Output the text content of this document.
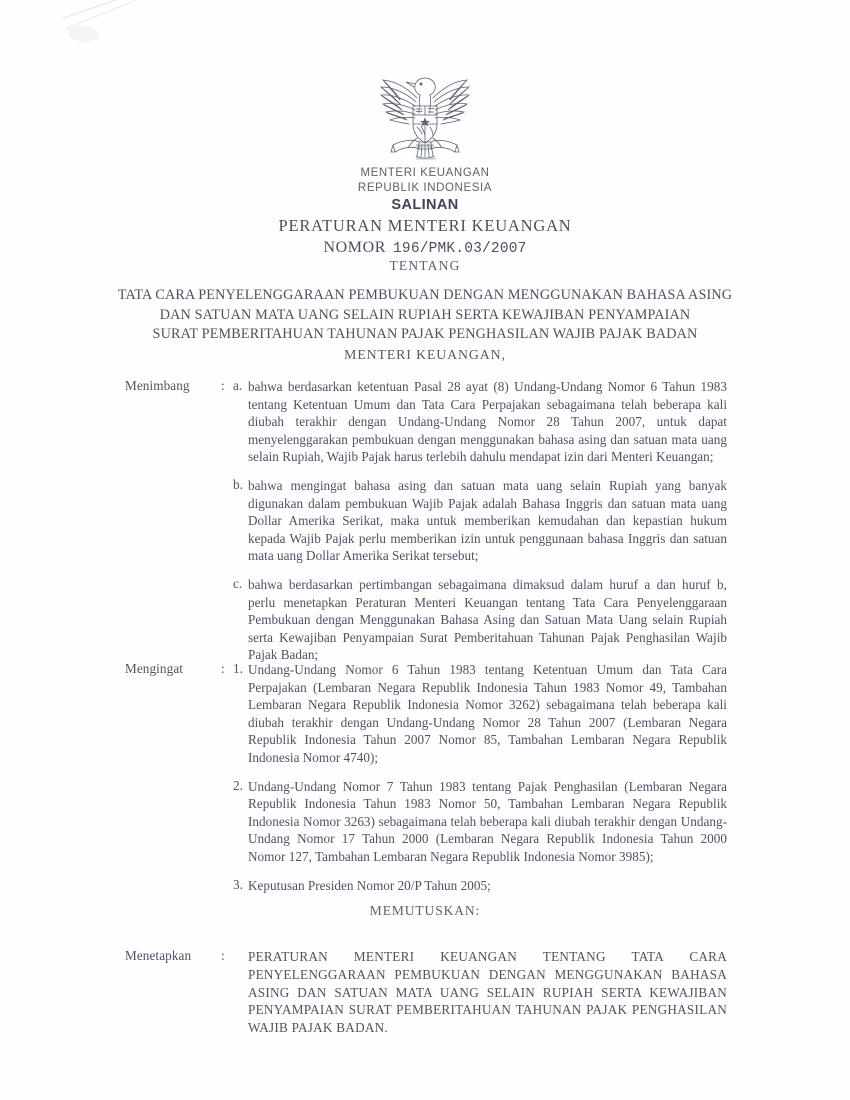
MENTERI KEUANGAN
REPUBLIK INDONESIA
SALINAN
PERATURAN MENTERI KEUANGAN
NOMOR 196/PMK.03/2007
TENTANG
TATA CARA PENYELENGGARAAN PEMBUKUAN DENGAN MENGGUNAKAN BAHASA ASING
DAN SATUAN MATA UANG SELAIN RUPIAH SERTA KEWAJIBAN PENYAMPAIAN
SURAT PEMBERITAHUAN TAHUNAN PAJAK PENGHASILAN WAJIB PAJAK BADAN
MENTERI KEUANGAN,
Menimbang	: a. bahwa berdasarkan ketentuan Pasal 28 ayat (8) Undang-Undang Nomor 6 Tahun 1983 tentang Ketentuan Umum dan Tata Cara Perpajakan sebagaimana telah beberapa kali diubah terakhir dengan Undang-Undang Nomor 28 Tahun 2007, untuk dapat menyelenggarakan pembukuan dengan menggunakan bahasa asing dan satuan mata uang selain Rupiah, Wajib Pajak harus terlebih dahulu mendapat izin dari Menteri Keuangan;
b. bahwa mengingat bahasa asing dan satuan mata uang selain Rupiah yang banyak digunakan dalam pembukuan Wajib Pajak adalah Bahasa Inggris dan satuan mata uang Dollar Amerika Serikat, maka untuk memberikan kemudahan dan kepastian hukum kepada Wajib Pajak perlu memberikan izin untuk penggunaan bahasa Inggris dan satuan mata uang Dollar Amerika Serikat tersebut;
c. bahwa berdasarkan pertimbangan sebagaimana dimaksud dalam huruf a dan huruf b, perlu menetapkan Peraturan Menteri Keuangan tentang Tata Cara Penyelenggaraan Pembukuan dengan Menggunakan Bahasa Asing dan Satuan Mata Uang selain Rupiah serta Kewajiban Penyampaian Surat Pemberitahuan Tahunan Pajak Penghasilan Wajib Pajak Badan;
Mengingat	: 1. Undang-Undang Nomor 6 Tahun 1983 tentang Ketentuan Umum dan Tata Cara Perpajakan (Lembaran Negara Republik Indonesia Tahun 1983 Nomor 49, Tambahan Lembaran Negara Republik Indonesia Nomor 3262) sebagaimana telah beberapa kali diubah terakhir dengan Undang-Undang Nomor 28 Tahun 2007 (Lembaran Negara Republik Indonesia Tahun 2007 Nomor 85, Tambahan Lembaran Negara Republik Indonesia Nomor 4740);
2. Undang-Undang Nomor 7 Tahun 1983 tentang Pajak Penghasilan (Lembaran Negara Republik Indonesia Tahun 1983 Nomor 50, Tambahan Lembaran Negara Republik Indonesia Nomor 3263) sebagaimana telah beberapa kali diubah terakhir dengan Undang-Undang Nomor 17 Tahun 2000 (Lembaran Negara Republik Indonesia Tahun 2000 Nomor 127, Tambahan Lembaran Negara Republik Indonesia Nomor 3985);
3. Keputusan Presiden Nomor 20/P Tahun 2005;
MEMUTUSKAN:
Menetapkan	: PERATURAN MENTERI KEUANGAN TENTANG TATA CARA PENYELENGGARAAN PEMBUKUAN DENGAN MENGGUNAKAN BAHASA ASING DAN SATUAN MATA UANG SELAIN RUPIAH SERTA KEWAJIBAN PENYAMPAIAN SURAT PEMBERITAHUAN TAHUNAN PAJAK PENGHASILAN WAJIB PAJAK BADAN.
